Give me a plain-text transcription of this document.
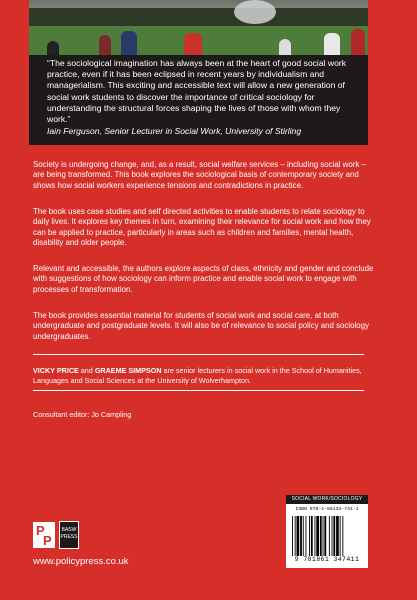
“The sociological imagination has always been at the heart of good social work practice, even if it has been eclipsed in recent years by individualism and managerialism. This exciting and accessible text will allow a new generation of social work students to discover the importance of critical sociology for understanding the structural forces shaping the lives of those with whom they work.”

Iain Ferguson, Senior Lecturer in Social Work, University of Stirling

Society is undergoing change, and, as a result, social welfare services – including social work – are being transformed. This book explores the sociological basis of contemporary society and shows how social workers experience tensions and contradictions in practice.

The book uses case studies and self directed activities to enable students to relate sociology to daily lives. It explores key themes in turn, examining their relevance for social work and how they can be applied to practice, particularly in areas such as children and families, mental health, disability and older people.

Relevant and accessible, the authors explore aspects of class, ethnicity and gender and conclude with suggestions of how sociology can inform practice and enable social work to engage with processes of transformation.

The book provides essential material for students of social work and social care, at both undergraduate and postgraduate levels. It will also be of relevance to social policy and sociology undergraduates.

VICKY PRICE and GRAEME SIMPSON are senior lecturers in social work in the School of Humanities, Languages and Social Sciences at the University of Wolverhampton.

Consultant editor: Jo Campling
P
P
BASW
PRESS
www.policypress.co.uk
SOCIAL WORK/SOCIOLOGY
ISBN 978-1-86134-741-1
9 781861 347411
